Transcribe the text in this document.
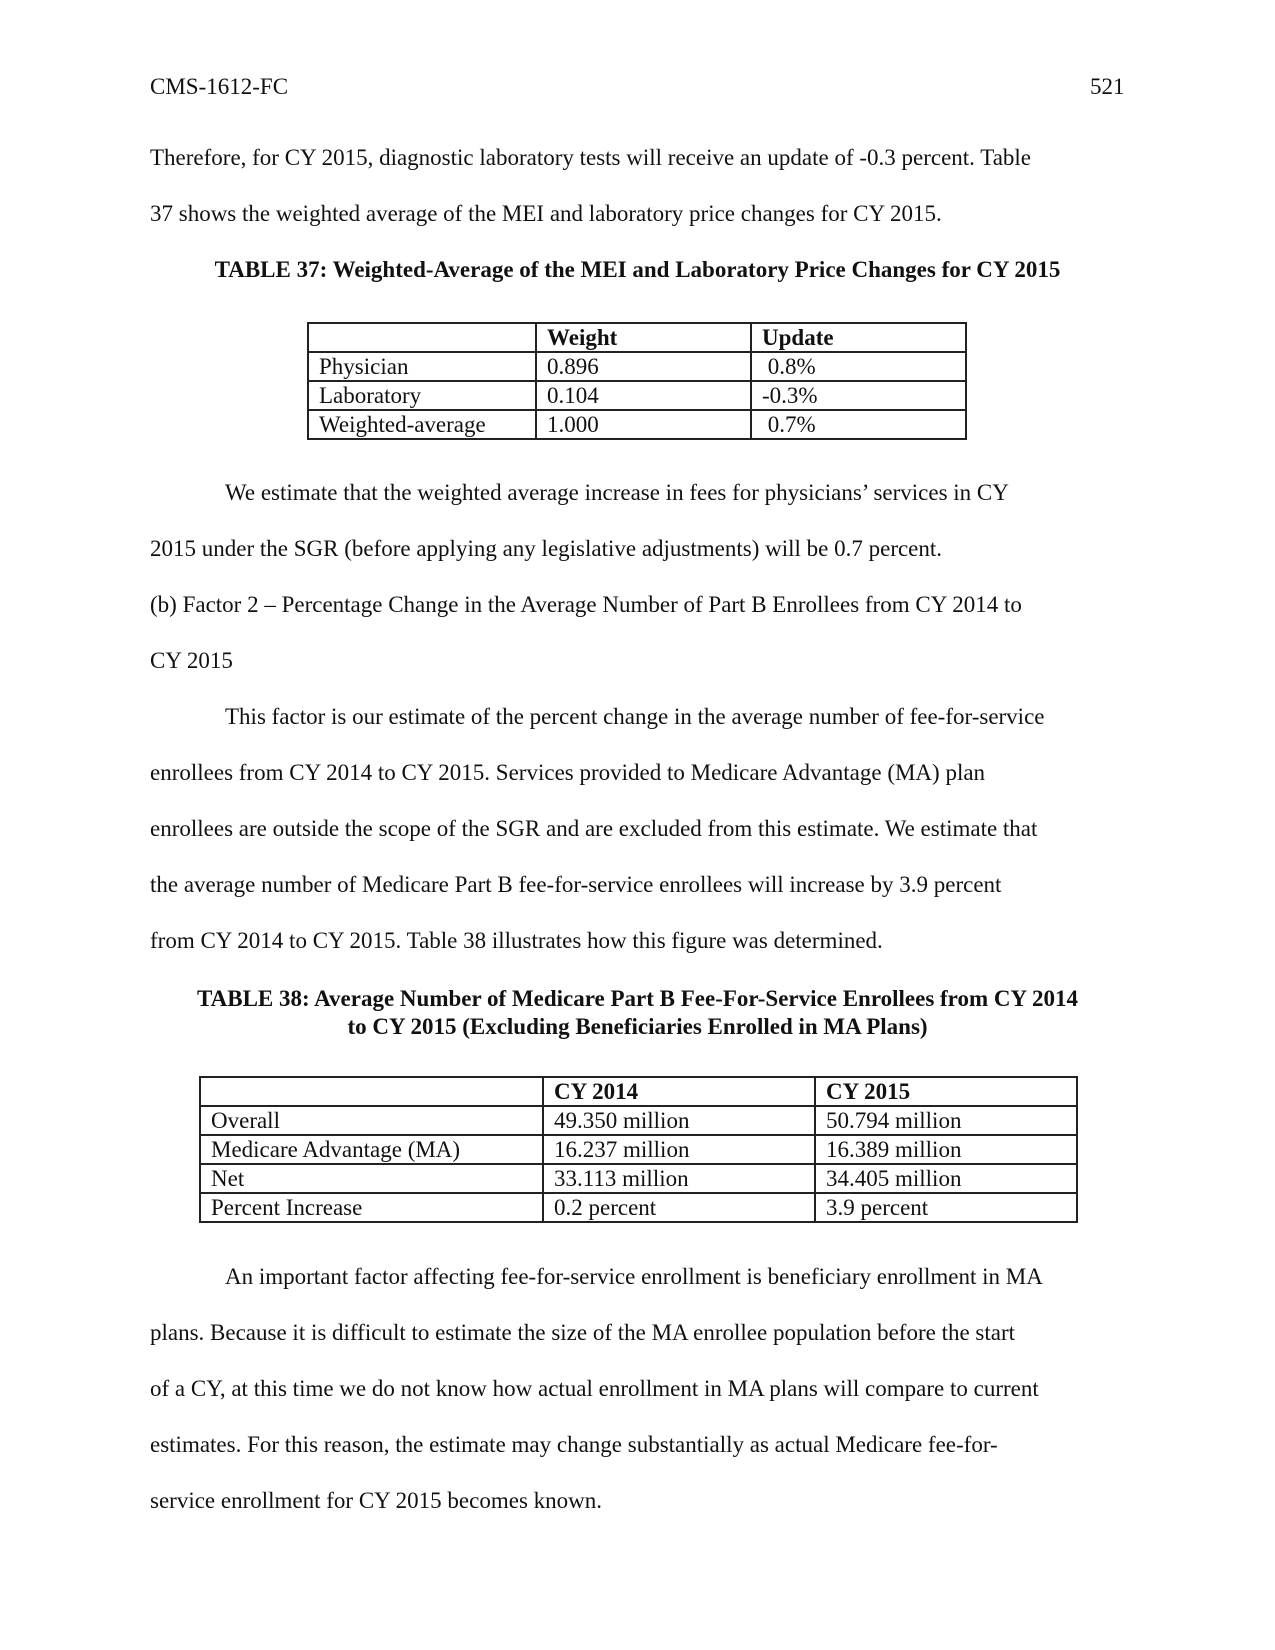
CMS-1612-FC	521
Therefore, for CY 2015, diagnostic laboratory tests will receive an update of -0.3 percent. Table
37 shows the weighted average of the MEI and laboratory price changes for CY 2015.
TABLE 37: Weighted-Average of the MEI and Laboratory Price Changes for CY 2015
	Weight	Update
Physician	0.896	0.8%
Laboratory	0.104	-0.3%
Weighted-average	1.000	0.7%
We estimate that the weighted average increase in fees for physicians’ services in CY
2015 under the SGR (before applying any legislative adjustments) will be 0.7 percent.
(b) Factor 2 – Percentage Change in the Average Number of Part B Enrollees from CY 2014 to
CY 2015
This factor is our estimate of the percent change in the average number of fee-for-service
enrollees from CY 2014 to CY 2015. Services provided to Medicare Advantage (MA) plan
enrollees are outside the scope of the SGR and are excluded from this estimate. We estimate that
the average number of Medicare Part B fee-for-service enrollees will increase by 3.9 percent
from CY 2014 to CY 2015. Table 38 illustrates how this figure was determined.
TABLE 38: Average Number of Medicare Part B Fee-For-Service Enrollees from CY 2014
to CY 2015 (Excluding Beneficiaries Enrolled in MA Plans)
	CY 2014	CY 2015
Overall	49.350 million	50.794 million
Medicare Advantage (MA)	16.237 million	16.389 million
Net	33.113 million	34.405 million
Percent Increase	0.2 percent	3.9 percent
An important factor affecting fee-for-service enrollment is beneficiary enrollment in MA
plans. Because it is difficult to estimate the size of the MA enrollee population before the start
of a CY, at this time we do not know how actual enrollment in MA plans will compare to current
estimates. For this reason, the estimate may change substantially as actual Medicare fee-for-
service enrollment for CY 2015 becomes known.
